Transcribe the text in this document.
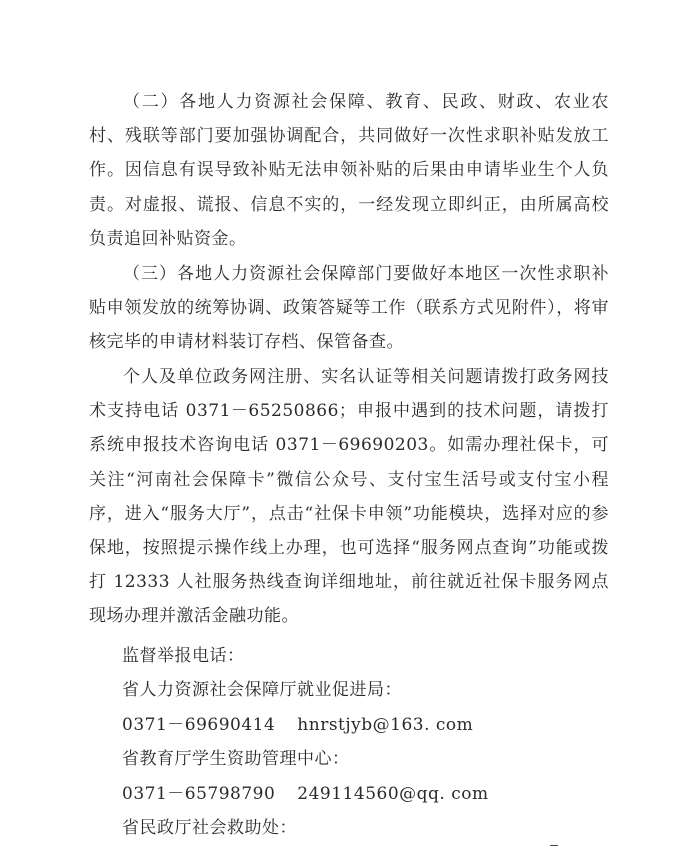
（二）各地人力资源社会保障、教育、民政、财政、农业农村、残联等部门要加强协调配合，共同做好一次性求职补贴发放工作。因信息有误导致补贴无法申领补贴的后果由申请毕业生个人负责。对虚报、谎报、信息不实的，一经发现立即纠正，由所属高校负责追回补贴资金。

（三）各地人力资源社会保障部门要做好本地区一次性求职补贴申领发放的统筹协调、政策答疑等工作（联系方式见附件），将审核完毕的申请材料装订存档、保管备查。

个人及单位政务网注册、实名认证等相关问题请拨打政务网技术支持电话 0371－65250866；申报中遇到的技术问题，请拨打系统申报技术咨询电话 0371－69690203。如需办理社保卡，可关注“河南社会保障卡”微信公众号、支付宝生活号或支付宝小程序，进入“服务大厅”，点击“社保卡申领”功能模块，选择对应的参保地，按照提示操作线上办理，也可选择“服务网点查询”功能或拨打 12333 人社服务热线查询详细地址，前往就近社保卡服务网点现场办理并激活金融功能。

监督举报电话：

省人力资源社会保障厅就业促进局：

0371－69690414 hnrstjyb@163. com

省教育厅学生资助管理中心：

0371－65798790 249114560@qq. com

省民政厅社会救助处：
